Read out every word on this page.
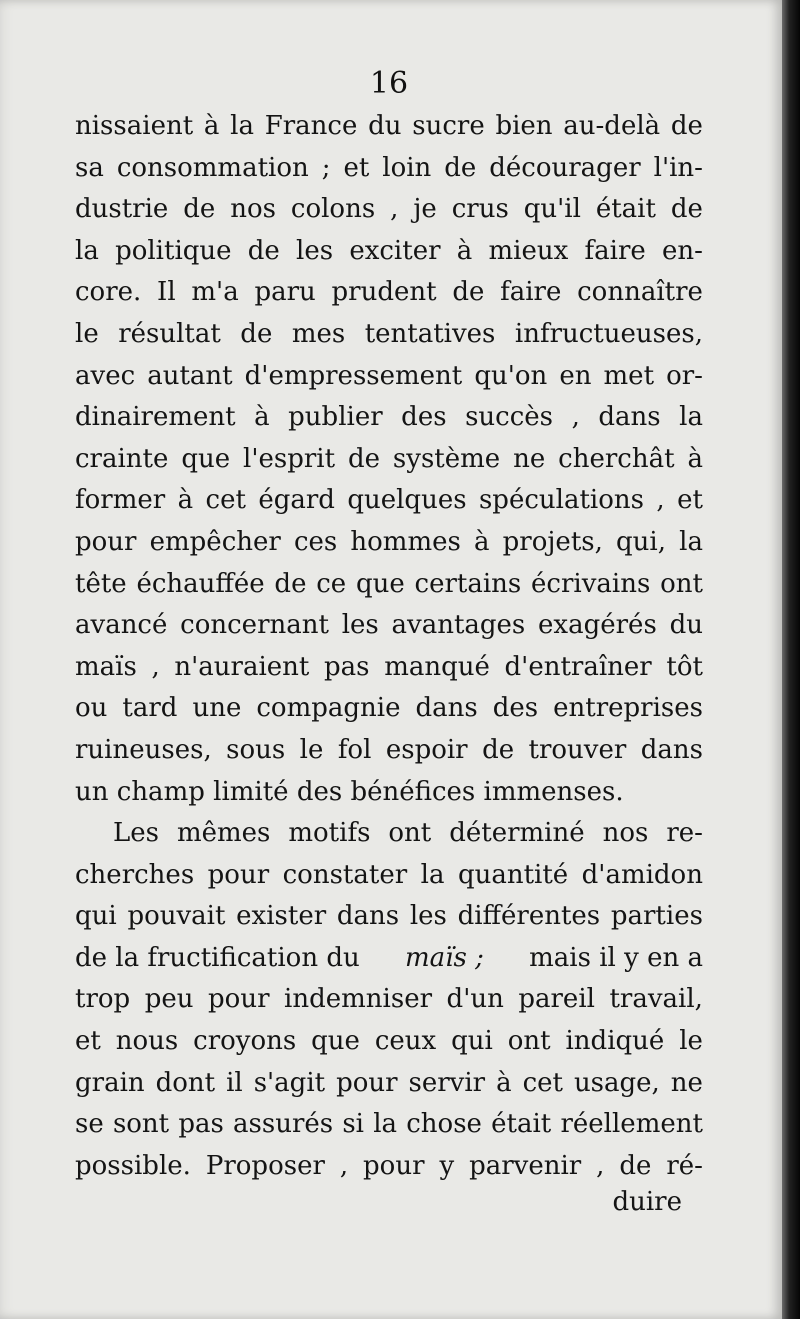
16
nissaient à la France du sucre bien au-delà de
sa consommation ; et loin de décourager l'in-
dustrie de nos colons , je crus qu'il était de
la politique de les exciter à mieux faire en-
core. Il m'a paru prudent de faire connaître
le résultat de mes tentatives infructueuses,
avec autant d'empressement qu'on en met or-
dinairement à publier des succès , dans la
crainte que l'esprit de système ne cherchât à
former à cet égard quelques spéculations , et
pour empêcher ces hommes à projets, qui, la
tête échauffée de ce que certains écrivains ont
avancé concernant les avantages exagérés du
maïs , n'auraient pas manqué d'entraîner tôt
ou tard une compagnie dans des entreprises
ruineuses, sous le fol espoir de trouver dans
un champ limité des bénéfices immenses.
Les mêmes motifs ont déterminé nos re-
cherches pour constater la quantité d'amidon
qui pouvait exister dans les différentes parties
de la fructification du maïs ; mais il y en a
trop peu pour indemniser d'un pareil travail,
et nous croyons que ceux qui ont indiqué le
grain dont il s'agit pour servir à cet usage, ne
se sont pas assurés si la chose était réellement
possible. Proposer , pour y parvenir , de ré-
duire
